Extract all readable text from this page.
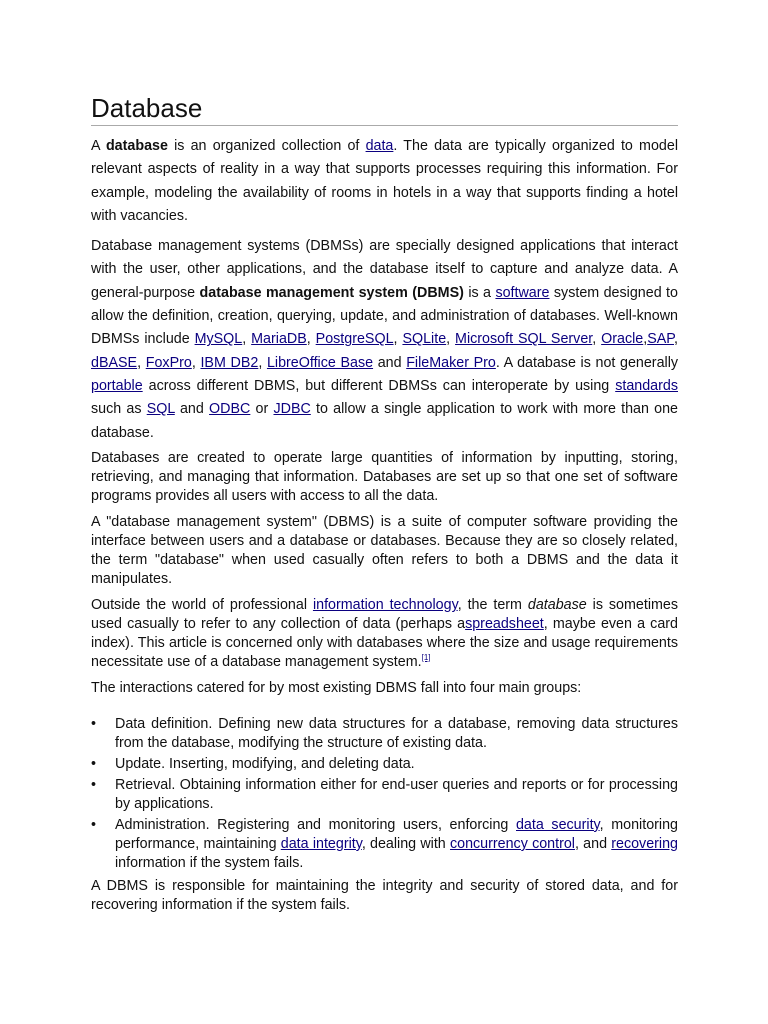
Database

A database is an organized collection of data. The data are typically organized to model relevant aspects of reality in a way that supports processes requiring this information. For example, modeling the availability of rooms in hotels in a way that supports finding a hotel with vacancies.

Database management systems (DBMSs) are specially designed applications that interact with the user, other applications, and the database itself to capture and analyze data. A general-purpose database management system (DBMS) is a software system designed to allow the definition, creation, querying, update, and administration of databases. Well-known DBMSs include MySQL, MariaDB, PostgreSQL, SQLite, Microsoft SQL Server, Oracle,SAP, dBASE, FoxPro, IBM DB2, LibreOffice Base and FileMaker Pro. A database is not generally portable across different DBMS, but different DBMSs can interoperate by using standards such as SQL and ODBC or JDBC to allow a single application to work with more than one database.

Databases are created to operate large quantities of information by inputting, storing, retrieving, and managing that information. Databases are set up so that one set of software programs provides all users with access to all the data.

A "database management system" (DBMS) is a suite of computer software providing the interface between users and a database or databases. Because they are so closely related, the term "database" when used casually often refers to both a DBMS and the data it manipulates.

Outside the world of professional information technology, the term database is sometimes used casually to refer to any collection of data (perhaps aspreadsheet, maybe even a card index). This article is concerned only with databases where the size and usage requirements necessitate use of a database management system.[1]

The interactions catered for by most existing DBMS fall into four main groups:

• Data definition. Defining new data structures for a database, removing data structures from the database, modifying the structure of existing data.
• Update. Inserting, modifying, and deleting data.
• Retrieval. Obtaining information either for end-user queries and reports or for processing by applications.
• Administration. Registering and monitoring users, enforcing data security, monitoring performance, maintaining data integrity, dealing with concurrency control, and recovering information if the system fails.

A DBMS is responsible for maintaining the integrity and security of stored data, and for recovering information if the system fails.
